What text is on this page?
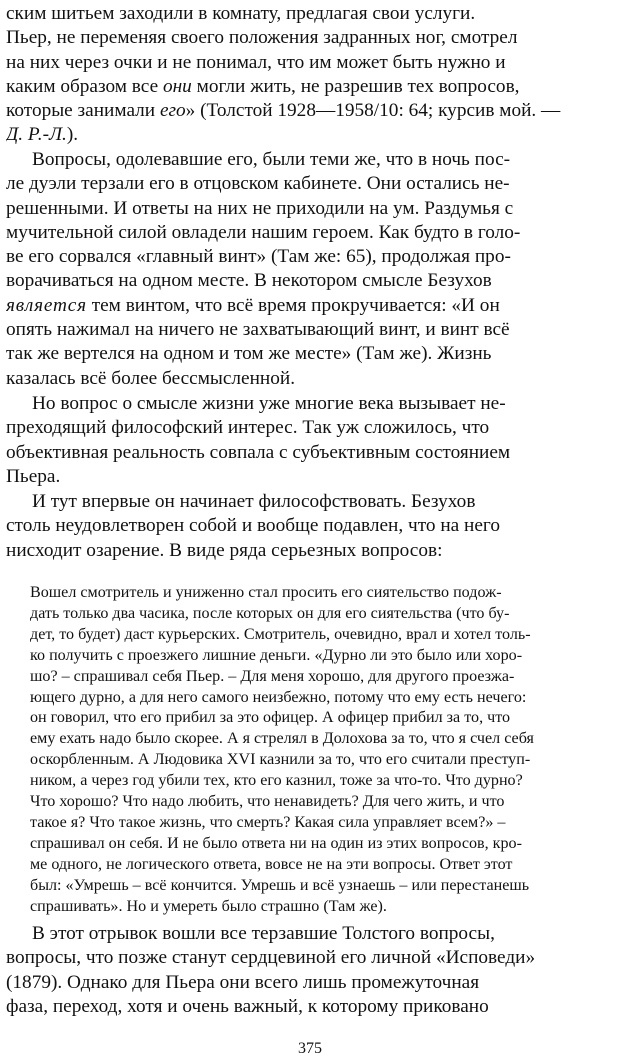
ским шитьем заходили в комнату, предлагая свои услуги.
Пьер, не переменяя своего положения задранных ног, смотрел
на них через очки и не понимал, что им может быть нужно и
каким образом все они могли жить, не разрешив тех вопросов,
которые занимали его» (Толстой 1928—1958/10: 64; курсив мой. —
Д. Р.-Л.).
Вопросы, одолевавшие его, были теми же, что в ночь пос-
ле дуэли терзали его в отцовском кабинете. Они остались не-
решенными. И ответы на них не приходили на ум. Раздумья с
мучительной силой овладели нашим героем. Как будто в голо-
ве его сорвался «главный винт» (Там же: 65), продолжая про-
ворачиваться на одном месте. В некотором смысле Безухов
является тем винтом, что всё время прокручивается: «И он
опять нажимал на ничего не захватывающий винт, и винт всё
так же вертелся на одном и том же месте» (Там же). Жизнь
казалась всё более бессмысленной.
Но вопрос о смысле жизни уже многие века вызывает не-
преходящий философский интерес. Так уж сложилось, что
объективная реальность совпала с субъективным состоянием
Пьера.
И тут впервые он начинает философствовать. Безухов
столь неудовлетворен собой и вообще подавлен, что на него
нисходит озарение. В виде ряда серьезных вопросов:
Вошел смотритель и униженно стал просить его сиятельство подож-
дать только два часика, после которых он для его сиятельства (что бу-
дет, то будет) даст курьерских. Смотритель, очевидно, врал и хотел толь-
ко получить с проезжего лишние деньги. «Дурно ли это было или хоро-
шо? – спрашивал себя Пьер. – Для меня хорошо, для другого проезжа-
ющего дурно, а для него самого неизбежно, потому что ему есть нечего:
он говорил, что его прибил за это офицер. А офицер прибил за то, что
ему ехать надо было скорее. А я стрелял в Долохова за то, что я счел себя
оскорбленным. А Людовика XVI казнили за то, что его считали преступ-
ником, а через год убили тех, кто его казнил, тоже за что-то. Что дурно?
Что хорошо? Что надо любить, что ненавидеть? Для чего жить, и что
такое я? Что такое жизнь, что смерть? Какая сила управляет всем?» –
спрашивал он себя. И не было ответа ни на один из этих вопросов, кро-
ме одного, не логического ответа, вовсе не на эти вопросы. Ответ этот
был: «Умрешь – всё кончится. Умрешь и всё узнаешь – или перестанешь
спрашивать». Но и умереть было страшно (Там же).
В этот отрывок вошли все терзавшие Толстого вопросы,
вопросы, что позже станут сердцевиной его личной «Исповеди»
(1879). Однако для Пьера они всего лишь промежуточная
фаза, переход, хотя и очень важный, к которому приковано
375
